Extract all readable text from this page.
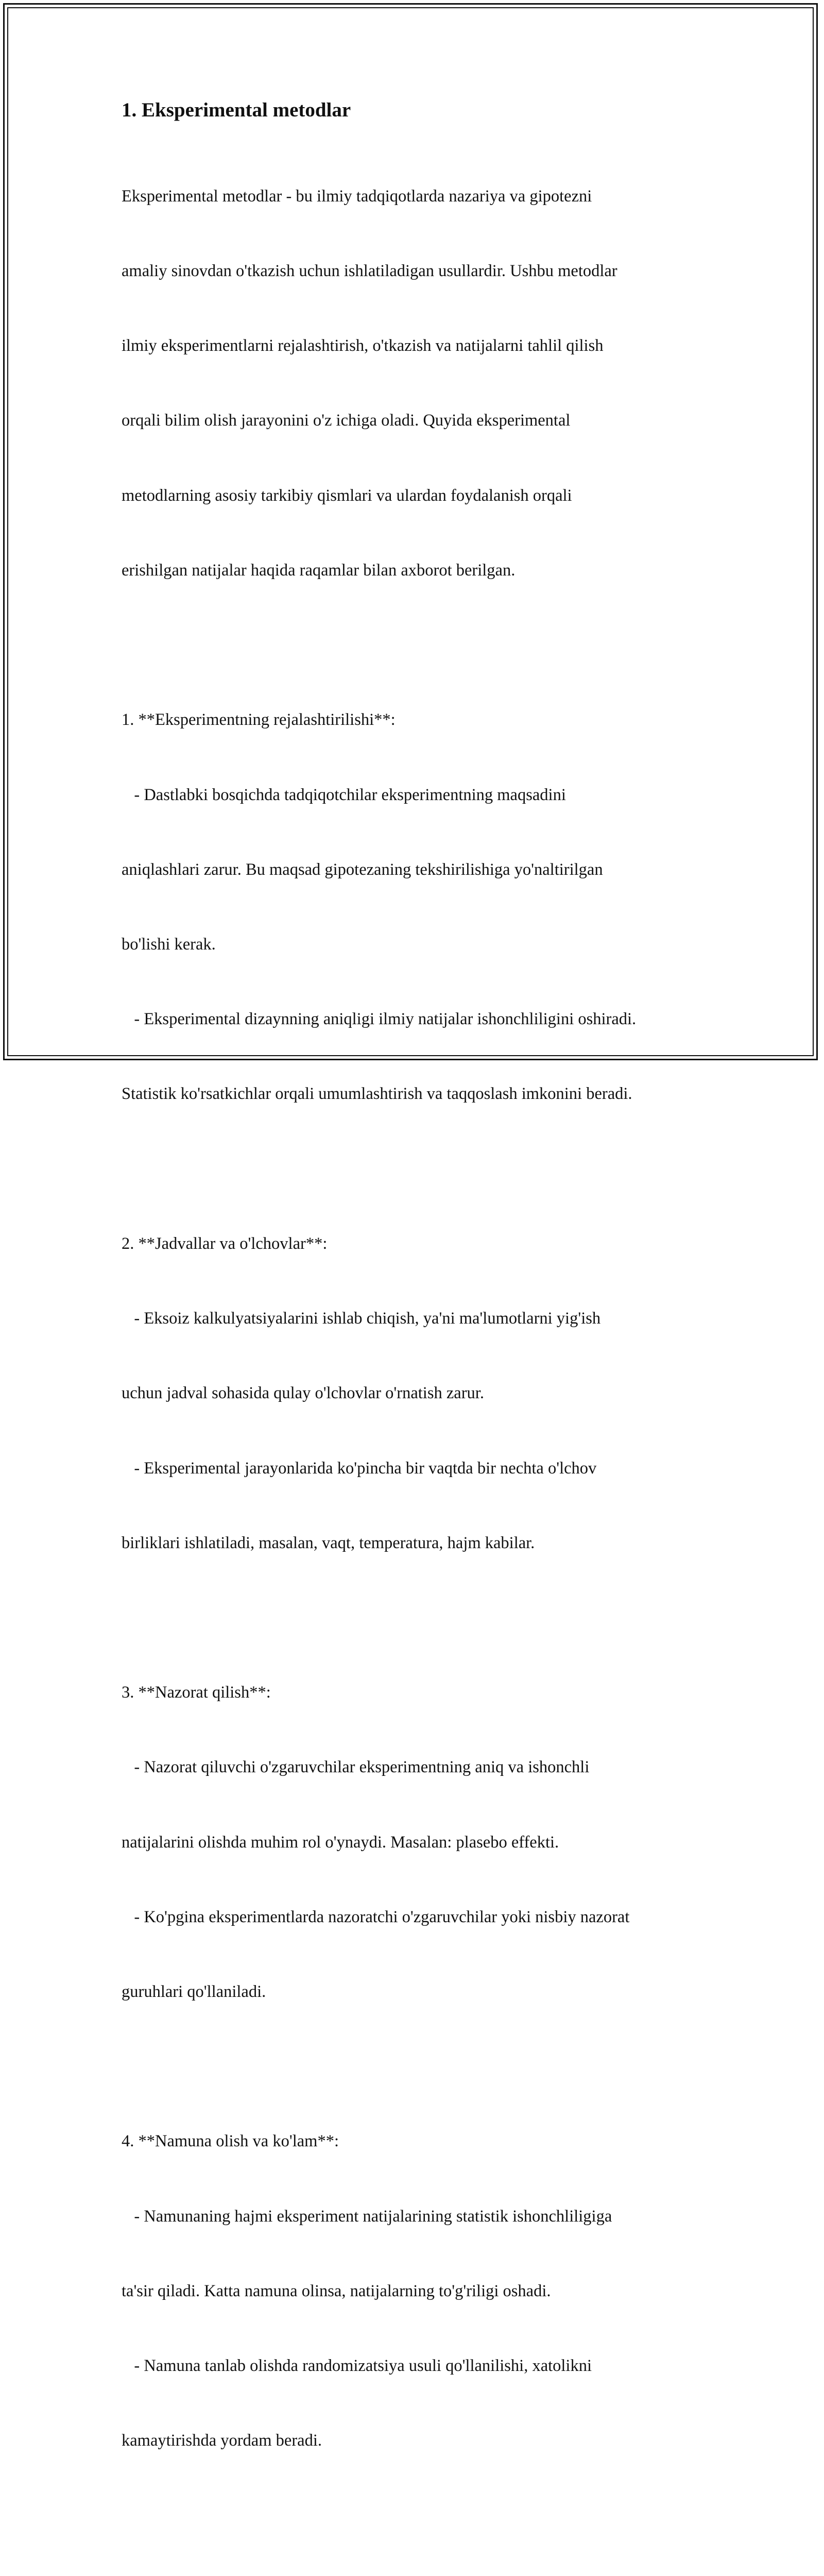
1. Eksperimental metodlar

Eksperimental metodlar - bu ilmiy tadqiqotlarda nazariya va gipotezni

amaliy sinovdan o'tkazish uchun ishlatiladigan usullardir. Ushbu metodlar

ilmiy eksperimentlarni rejalashtirish, o'tkazish va natijalarni tahlil qilish

orqali bilim olish jarayonini o'z ichiga oladi. Quyida eksperimental

metodlarning asosiy tarkibiy qismlari va ulardan foydalanish orqali

erishilgan natijalar haqida raqamlar bilan axborot berilgan.

1. **Eksperimentning rejalashtirilishi**:

- Dastlabki bosqichda tadqiqotchilar eksperimentning maqsadini

aniqlashlari zarur. Bu maqsad gipotezaning tekshirilishiga yo'naltirilgan

bo'lishi kerak.

- Eksperimental dizaynning aniqligi ilmiy natijalar ishonchliligini oshiradi.

Statistik ko'rsatkichlar orqali umumlashtirish va taqqoslash imkonini beradi.

2. **Jadvallar va o'lchovlar**:

- Eksoiz kalkulyatsiyalarini ishlab chiqish, ya'ni ma'lumotlarni yig'ish

uchun jadval sohasida qulay o'lchovlar o'rnatish zarur.

- Eksperimental jarayonlarida ko'pincha bir vaqtda bir nechta o'lchov

birliklari ishlatiladi, masalan, vaqt, temperatura, hajm kabilar.

3. **Nazorat qilish**:

- Nazorat qiluvchi o'zgaruvchilar eksperimentning aniq va ishonchli

natijalarini olishda muhim rol o'ynaydi. Masalan: plasebo effekti.

- Ko'pgina eksperimentlarda nazoratchi o'zgaruvchilar yoki nisbiy nazorat

guruhlari qo'llaniladi.

4. **Namuna olish va ko'lam**:

- Namunaning hajmi eksperiment natijalarining statistik ishonchliligiga

ta'sir qiladi. Katta namuna olinsa, natijalarning to'g'riligi oshadi.

- Namuna tanlab olishda randomizatsiya usuli qo'llanilishi, xatolikni

kamaytirishda yordam beradi.
